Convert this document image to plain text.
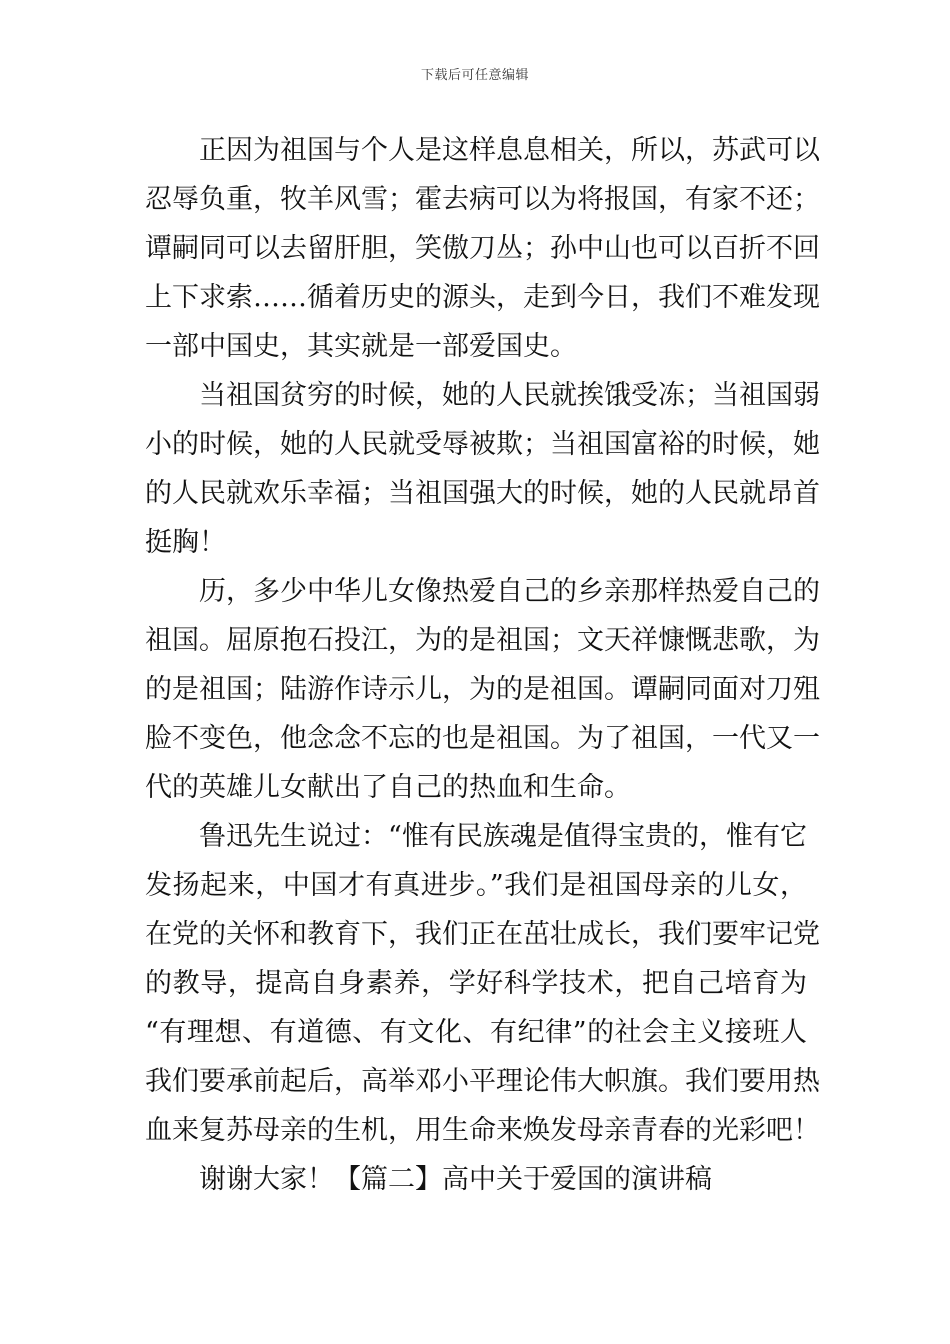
下载后可任意编辑

正因为祖国与个人是这样息息相关，所以，苏武可以
忍辱负重，牧羊风雪；霍去病可以为将报国，有家不还；
谭嗣同可以去留肝胆，笑傲刀丛；孙中山也可以百折不回
上下求索……循着历史的源头，走到今日，我们不难发现
一部中国史，其实就是一部爱国史。

当祖国贫穷的时候，她的人民就挨饿受冻；当祖国弱
小的时候，她的人民就受辱被欺；当祖国富裕的时候，她
的人民就欢乐幸福；当祖国强大的时候，她的人民就昂首
挺胸！

历，多少中华儿女像热爱自己的乡亲那样热爱自己的
祖国。屈原抱石投江，为的是祖国；文天祥慷慨悲歌，为
的是祖国；陆游作诗示儿，为的是祖国。谭嗣同面对刀殂
脸不变色，他念念不忘的也是祖国。为了祖国，一代又一
代的英雄儿女献出了自己的热血和生命。

鲁迅先生说过：“惟有民族魂是值得宝贵的，惟有它
发扬起来，中国才有真进步。”我们是祖国母亲的儿女，
在党的关怀和教育下，我们正在茁壮成长，我们要牢记党
的教导，提高自身素养，学好科学技术，把自己培育为
“有理想、有道德、有文化、有纪律”的社会主义接班人
我们要承前起后，高举邓小平理论伟大帜旗。我们要用热
血来复苏母亲的生机，用生命来焕发母亲青春的光彩吧！

谢谢大家！【篇二】高中关于爱国的演讲稿
